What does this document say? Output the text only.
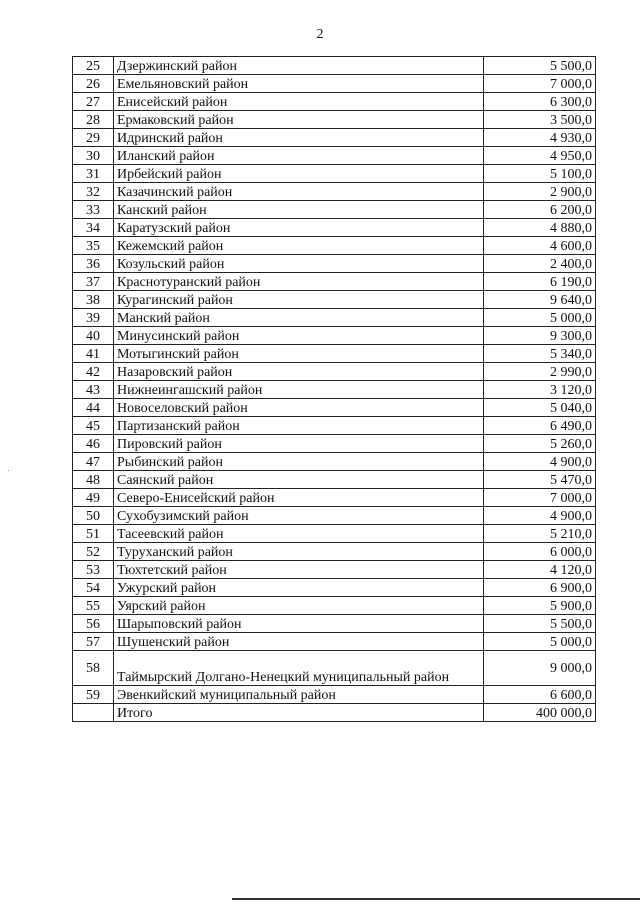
2
25	Дзержинский район	5 500,0
26	Емельяновский район	7 000,0
27	Енисейский район	6 300,0
28	Ермаковский район	3 500,0
29	Идринский район	4 930,0
30	Иланский район	4 950,0
31	Ирбейский район	5 100,0
32	Казачинский район	2 900,0
33	Канский район	6 200,0
34	Каратузский район	4 880,0
35	Кежемский район	4 600,0
36	Козульский район	2 400,0
37	Краснотуранский район	6 190,0
38	Курагинский район	9 640,0
39	Манский район	5 000,0
40	Минусинский район	9 300,0
41	Мотыгинский район	5 340,0
42	Назаровский район	2 990,0
43	Нижнеингашский район	3 120,0
44	Новоселовский район	5 040,0
45	Партизанский район	6 490,0
46	Пировский район	5 260,0
47	Рыбинский район	4 900,0
48	Саянский район	5 470,0
49	Северо-Енисейский район	7 000,0
50	Сухобузимский район	4 900,0
51	Тасеевский район	5 210,0
52	Туруханский район	6 000,0
53	Тюхтетский район	4 120,0
54	Ужурский район	6 900,0
55	Уярский район	5 900,0
56	Шарыповский район	5 500,0
57	Шушенский район	5 000,0
58	Таймырский Долгано-Ненецкий муниципальный район	9 000,0
59	Эвенкийский муниципальный район	6 600,0
	Итого	400 000,0
